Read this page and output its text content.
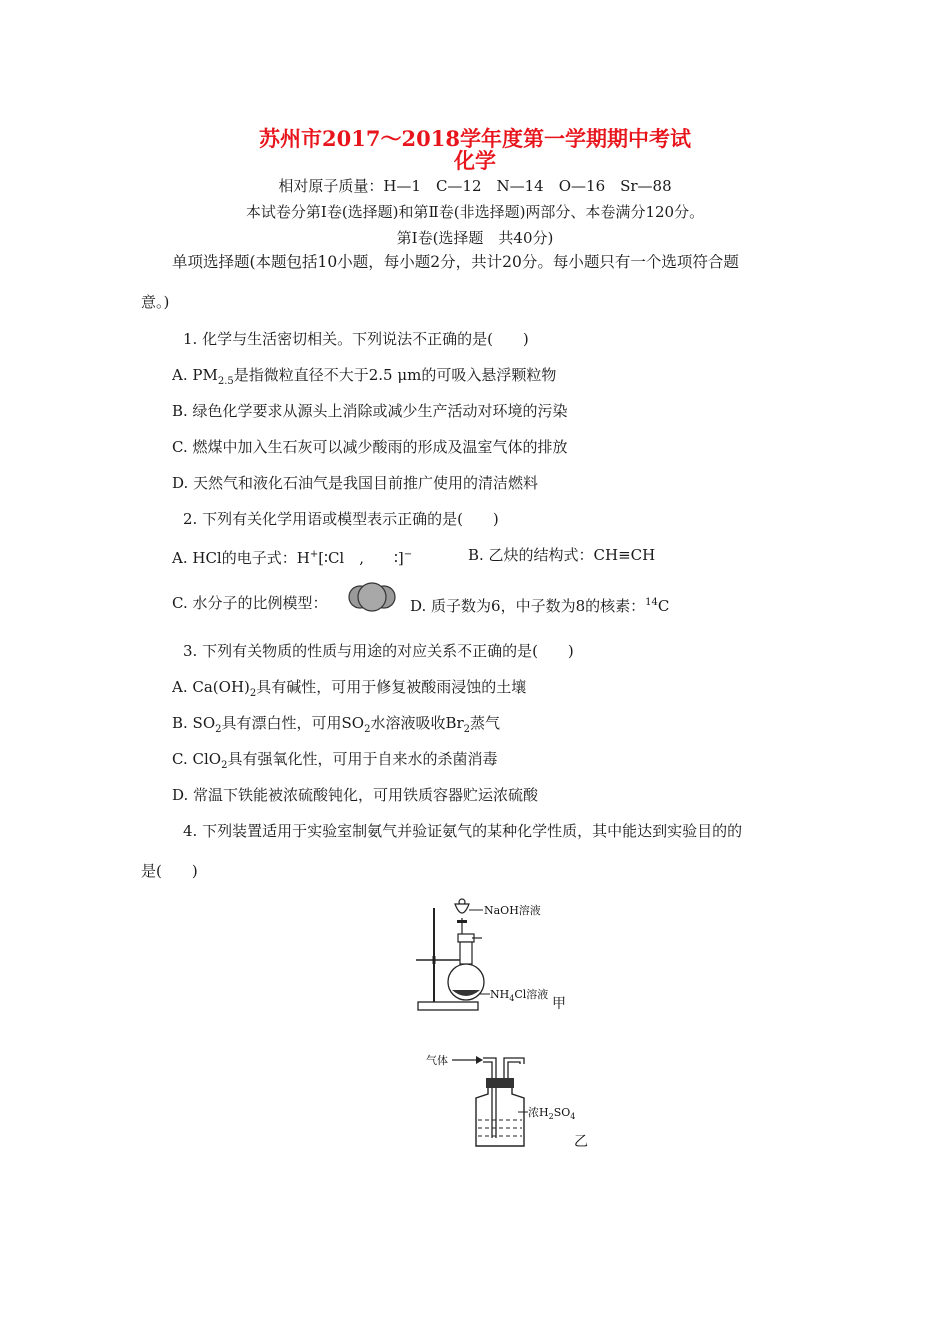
苏州市2017～2018学年度第一学期期中考试
化学
相对原子质量：H—1　C—12　N—14　O—16　Sr—88
本试卷分第Ⅰ卷(选择题)和第Ⅱ卷(非选择题)两部分、本卷满分120分。
第Ⅰ卷(选择题　共40分)
单项选择题(本题包括10小题，每小题2分，共计20分。每小题只有一个选项符合题
意。)
1. 化学与生活密切相关。下列说法不正确的是(　　)
A. $PM_{2.5}$是指微粒直径不大于2.5 μm的可吸入悬浮颗粒物
B. 绿色化学要求从源头上消除或减少生产活动对环境的污染
C. 燃煤中加入生石灰可以减少酸雨的形成及温室气体的排放
D. 天然气和液化石油气是我国目前推广使用的清洁燃料
2. 下列有关化学用语或模型表示正确的是(　　)
A. HCl的电子式：H+[∶Cl　,　　∶]−	B. 乙炔的结构式：CH≡CH
C. 水分子的比例模型：	D. 质子数为6，中子数为8的核素：$^{14}$C
3. 下列有关物质的性质与用途的对应关系不正确的是(　　)
A. $Ca(OH)_2$具有碱性，可用于修复被酸雨浸蚀的土壤
B. $SO_2$具有漂白性，可用$SO_2$水溶液吸收$Br_2$蒸气
C. ClO$_2$具有强氧化性，可用于自来水的杀菌消毒
D. 常温下铁能被浓硫酸钝化，可用铁质容器贮运浓硫酸
4. 下列装置适用于实验室制氨气并验证氨气的某种化学性质，其中能达到实验目的的
是(　　)
NaOH溶液
$NH_4Cl$溶液
甲
气体
浓$H_2SO_4$
乙
